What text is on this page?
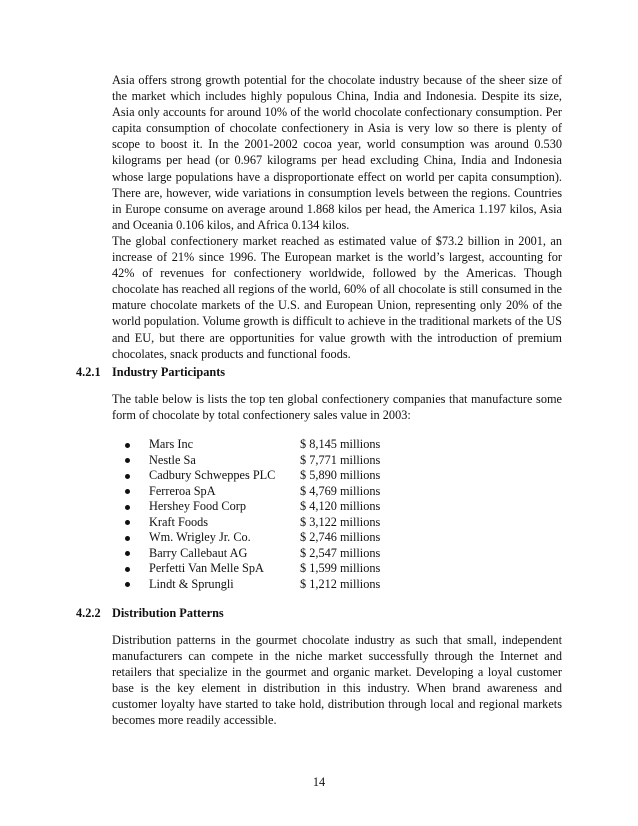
Asia offers strong growth potential for the chocolate industry because of the sheer size of the market which includes highly populous China, India and Indonesia. Despite its size, Asia only accounts for around 10% of the world chocolate confectionary consumption. Per capita consumption of chocolate confectionery in Asia is very low so there is plenty of scope to boost it. In the 2001-2002 cocoa year, world consumption was around 0.530 kilograms per head (or 0.967 kilograms per head excluding China, India and Indonesia whose large populations have a disproportionate effect on world per capita consumption). There are, however, wide variations in consumption levels between the regions. Countries in Europe consume on average around 1.868 kilos per head, the America 1.197 kilos, Asia and Oceania 0.106 kilos, and Africa 0.134 kilos.

The global confectionery market reached as estimated value of $73.2 billion in 2001, an increase of 21% since 1996. The European market is the world’s largest, accounting for 42% of revenues for confectionery worldwide, followed by the Americas. Though chocolate has reached all regions of the world, 60% of all chocolate is still consumed in the mature chocolate markets of the U.S. and European Union, representing only 20% of the world population. Volume growth is difficult to achieve in the traditional markets of the US and EU, but there are opportunities for value growth with the introduction of premium chocolates, snack products and functional foods.

4.2.1 Industry Participants

The table below is lists the top ten global confectionery companies that manufacture some form of chocolate by total confectionery sales value in 2003:

Mars Inc	$ 8,145 millions
Nestle Sa	$ 7,771 millions
Cadbury Schweppes PLC $ 5,890 millions
Ferreroa SpA	$ 4,769 millions
Hershey Food Corp	$ 4,120 millions
Kraft Foods	$ 3,122 millions
Wm. Wrigley Jr. Co.	$ 2,746 millions
Barry Callebaut AG	$ 2,547 millions
Perfetti Van Melle SpA	$ 1,599 millions
Lindt & Sprungli	$ 1,212 millions
4.2.2 Distribution Patterns

Distribution patterns in the gourmet chocolate industry as such that small, independent manufacturers can compete in the niche market successfully through the Internet and retailers that specialize in the gourmet and organic market. Developing a loyal customer base is the key element in distribution in this industry. When brand awareness and customer loyalty have started to take hold, distribution through local and regional markets becomes more readily accessible.

14
